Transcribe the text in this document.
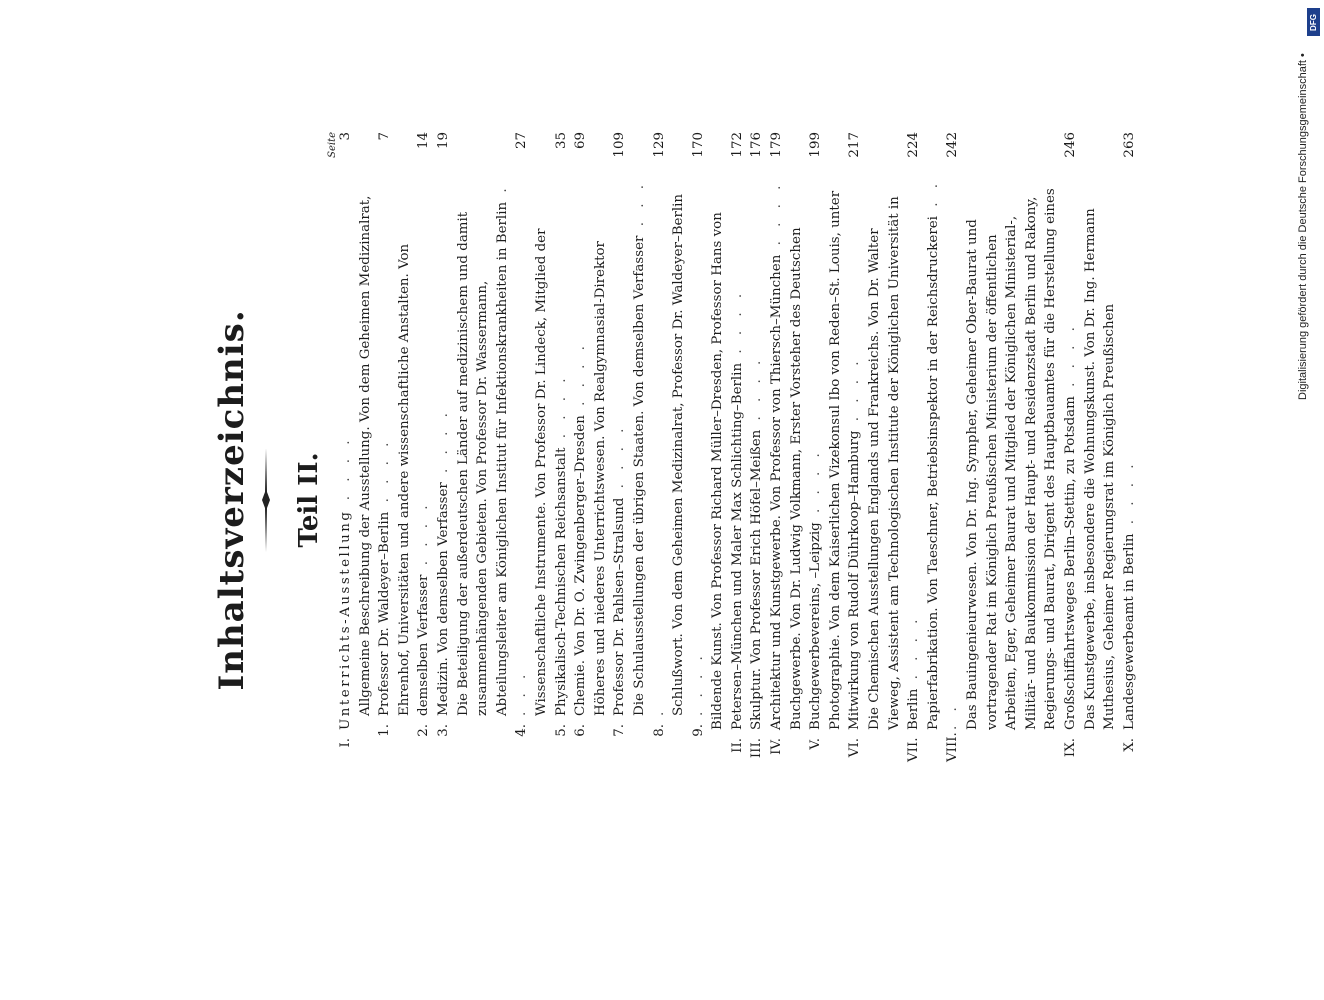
Inhaltsverzeichnis. Teil II.
Seite
I.
Unterrichts-Ausstellung . . . .
3
1.
Allgemeine Beschreibung der Ausstellung. Von dem Geheimen Medizinalrat, Professor Dr. Waldeyer–Berlin . . . .
7
2.
Ehrenhof, Universitäten und andere wissenschaftliche Anstalten. Von demselben Verfasser . . . .
14
3.
Medizin. Von demselben Verfasser . . . .
19
4.
Die Beteiligung der außerdeutschen Länder auf medizinischem und damit zusammenhängenden Gebieten. Von Professor Dr. Wassermann, Abteilungsleiter am Königlichen Institut für Infektionskrankheiten in Berlin . . . .
27
5.
Wissenschaftliche Instrumente. Von Professor Dr. Lindeck, Mitglied der Physikalisch-Technischen Reichsanstalt . . . .
35
6.
Chemie. Von Dr. O. Zwingenberger–Dresden . . . .
69
7.
Höheres und niederes Unterrichtswesen. Von Realgymnasial-Direktor Professor Dr. Pahlsen–Stralsund . . . .
109
8.
Die Schulausstellungen der übrigen Staaten. Von demselben Verfasser . . . .
129
9.
Schlußwort. Von dem Geheimen Medizinalrat, Professor Dr. Waldeyer–Berlin . . . .
170
II.
Bildende Kunst. Von Professor Richard Müller–Dresden, Professor Hans von Petersen–München und Maler Max Schlichting–Berlin . . . .
172
III.
Skulptur. Von Professor Erich Höfel–Meißen . . . .
176
IV.
Architektur und Kunstgewerbe. Von Professor von Thiersch–München . . . .
179
V.
Buchgewerbe. Von Dr. Ludwig Volkmann, Erster Vorsteher des Deutschen Buchgewerbevereins, –Leipzig . . . .
199
VI.
Photographie. Von dem Kaiserlichen Vizekonsul Ibo von Reden–St. Louis, unter Mitwirkung von Rudolf Dührkoop–Hamburg . . . .
217
VII.
Die Chemischen Ausstellungen Englands und Frankreichs. Von Dr. Walter Vieweg, Assistent am Technologischen Institute der Königlichen Universität in Berlin . . . .
224
VIII.
Papierfabrikation. Von Taeschner, Betriebsinspektor in der Reichsdruckerei . . . .
242
IX.
Das Bauingenieurwesen. Von Dr. Ing. Sympher, Geheimer Ober-Baurat und vortragender Rat im Königlich Preußischen Ministerium der öffentlichen Arbeiten, Eger, Geheimer Baurat und Mitglied der Königlichen Ministerial-, Militär- und Baukommission der Haupt- und Residenzstadt Berlin und Rakony, Regierungs- und Baurat, Dirigent des Hauptbauamtes für die Herstellung eines Großschiffahrtsweges Berlin–Stettin, zu Potsdam . . . .
246
X.
Das Kunstgewerbe, insbesondere die Wohnungskunst. Von Dr. Ing. Hermann Muthesius, Geheimer Regierungsrat im Königlich Preußischen Landesgewerbeamt in Berlin . . . .
263
DFG
Digitalisierung gefördert durch die Deutsche Forschungsgemeinschaft •
